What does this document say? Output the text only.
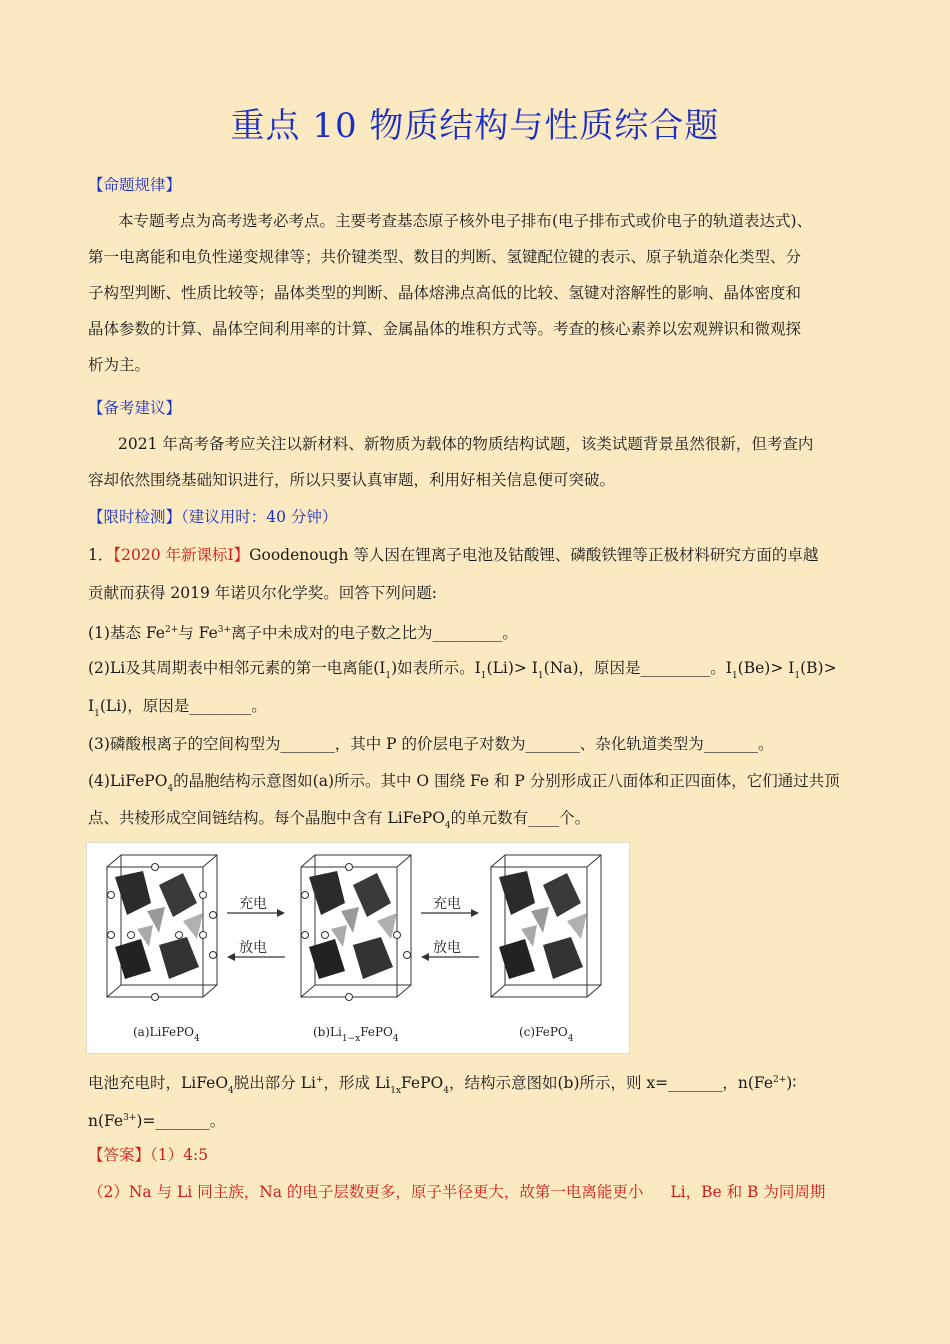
重点 10 物质结构与性质综合题
【命题规律】
本专题考点为高考选考必考点。主要考查基态原子核外电子排布(电子排布式或价电子的轨道表达式)、
第一电离能和电负性递变规律等；共价键类型、数目的判断、氢键配位键的表示、原子轨道杂化类型、分
子构型判断、性质比较等；晶体类型的判断、晶体熔沸点高低的比较、氢键对溶解性的影响、晶体密度和
晶体参数的计算、晶体空间利用率的计算、金属晶体的堆积方式等。考查的核心素养以宏观辨识和微观探
析为主。
【备考建议】
2021 年高考备考应关注以新材料、新物质为载体的物质结构试题，该类试题背景虽然很新，但考查内
容却依然围绕基础知识进行，所以只要认真审题，利用好相关信息便可突破。
【限时检测】（建议用时：40 分钟）
1．【2020 年新课标Ⅰ】Goodenough 等人因在锂离子电池及钴酸锂、磷酸铁锂等正极材料研究方面的卓越
贡献而获得 2019 年诺贝尔化学奖。回答下列问题:
(1)基态 $Fe^{2+}$与 $Fe^{3+}$离子中未成对的电子数之比为_________。
(2)Li及其周期表中相邻元素的第一电离能$(I_1)$如表所示。$I_1(Li)> I_1(Na)$，原因是_________。$I_1(Be)> I_1(B)>$
$I_1(Li)$，原因是________。
(3)磷酸根离子的空间构型为_______，其中 P 的价层电子对数为_______、杂化轨道类型为_______。
(4)LiFePO$_4$的晶胞结构示意图如(a)所示。其中 O 围绕 Fe 和 P 分别形成正八面体和正四面体，它们通过共顶
点、共棱形成空间链结构。每个晶胞中含有 LiFePO$_4$的单元数有____个。
充电
放电
充电
放电
(a)LiFePO$_4$	$(b)Li_{1-x}FePO_4$	(c)FePO$_4$
电池充电时，LiFeO$_4$脱出部分 Li+，形成 $Li_{1x}FePO_4$，结构示意图如(b)所示，则 x=_______，$n(Fe^{2+})∶$
$n(Fe^{3+})=\_\_\_\_\_\_\_$。
【答案】（1）4:5
（2）Na 与 Li 同主族，Na 的电子层数更多，原子半径更大，故第一电离能更小 Li，Be 和 B 为同周期
